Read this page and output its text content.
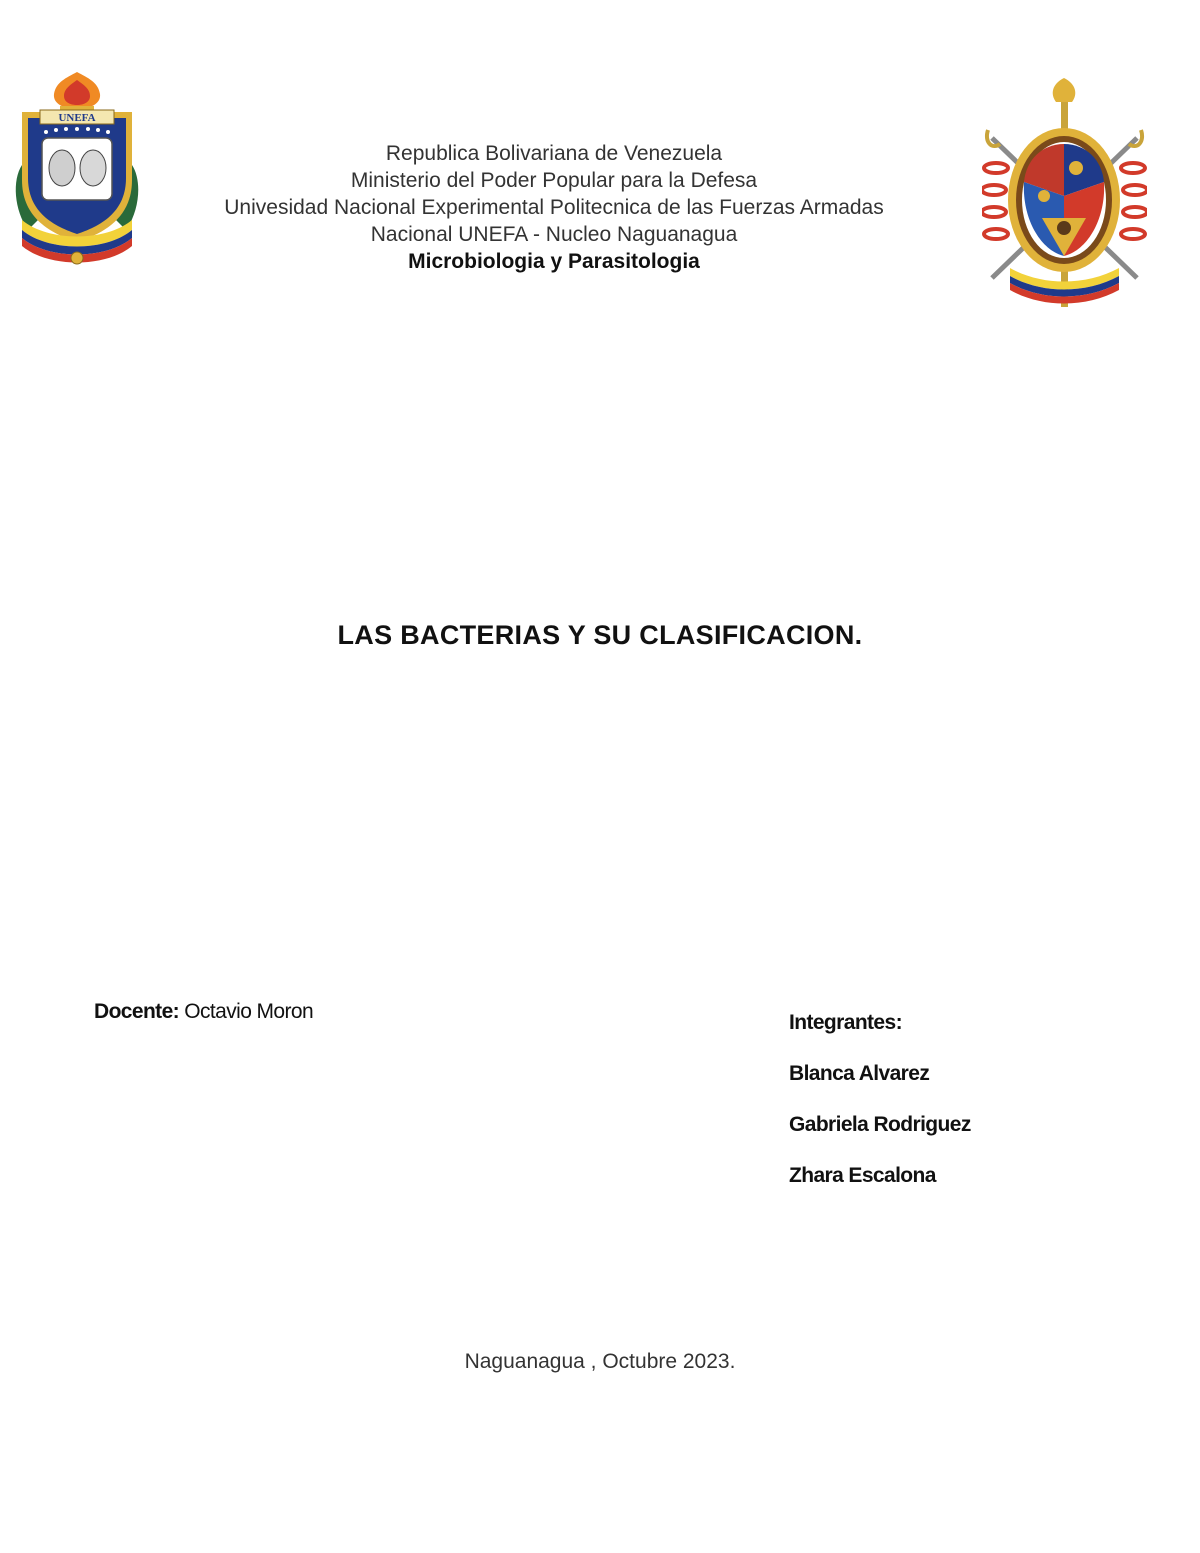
UNEFA
Republica Bolivariana de Venezuela
Ministerio del Poder Popular para la Defesa
Univesidad Nacional Experimental Politecnica de las Fuerzas Armadas
Nacional UNEFA - Nucleo Naguanagua
Microbiologia y Parasitologia
LAS BACTERIAS Y SU CLASIFICACION.
Docente: Octavio Moron	Integrantes:
Blanca Alvarez
Gabriela Rodriguez
Zhara Escalona
Naguanagua , Octubre 2023.
